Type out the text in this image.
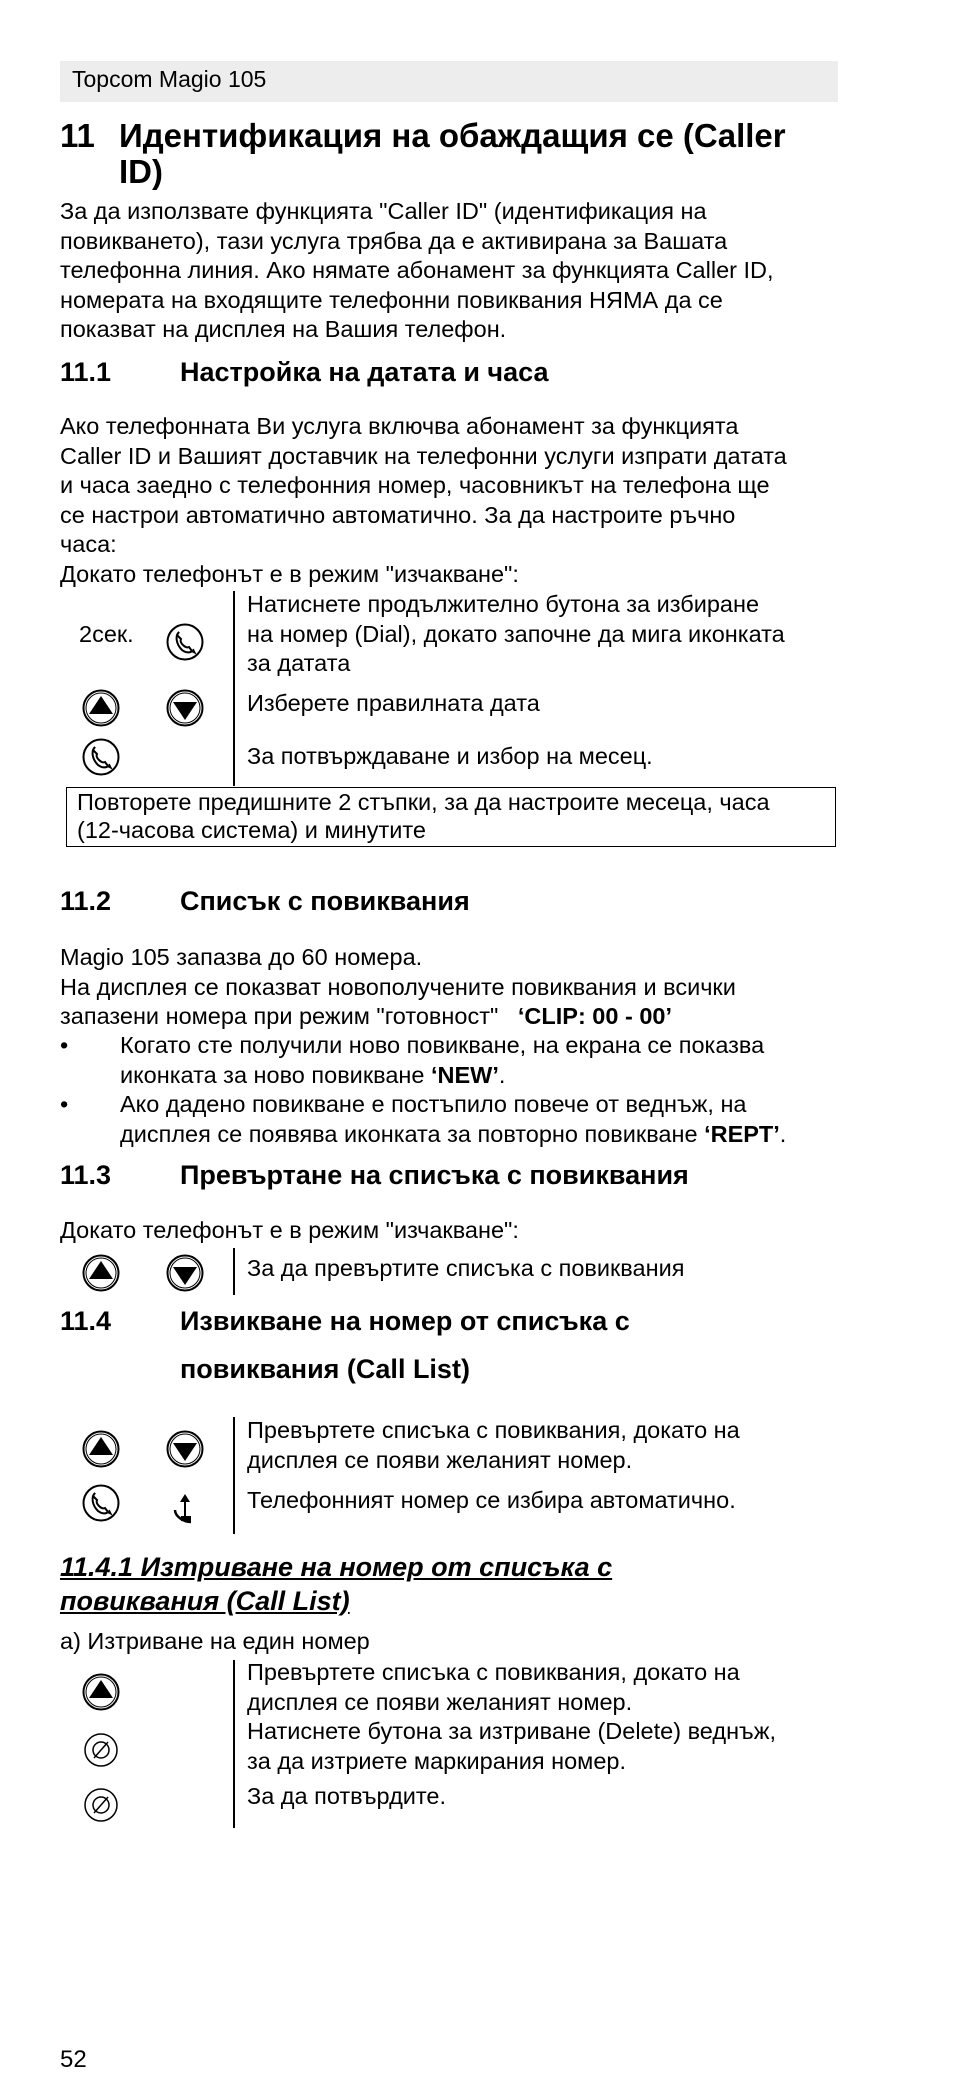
Topcom Magio 105
11 Идентификация на обаждащия се (Caller
ID)
За да използвате функцията "Caller ID" (идентификация на
повикването), тази услуга трябва да е активирана за Вашата
телефонна линия. Ако нямате абонамент за функцията Caller ID,
номерата на входящите телефонни повиквания НЯМА да се
показват на дисплея на Вашия телефон.
11.1	Настройка на датата и часа
Ако телефонната Ви услуга включва абонамент за функцията
Caller ID и Вашият доставчик на телефонни услуги изпрати датата
и часа заедно с телефонния номер, часовникът на телефона ще
се настрои автоматично автоматично. За да настроите ръчно
часа:
Докато телефонът е в режим "изчакване":
2сек.
Натиснете продължително бутона за избиране
на номер (Dial), докато започне да мига иконката
за датата
Изберете правилната дата
За потвърждаване и избор на месец.
Повторете предишните 2 стъпки, за да настроите месеца, часа
(12-часова система) и минутите
11.2	Списък с повиквания
Magio 105 запазва до 60 номера.
На дисплея се показват новополучените повиквания и всички
запазени номера при режим "готовност" ‘CLIP: 00 - 00’
• Когато сте получили ново повикване, на екрана се показва
иконката за ново повикване ‘NEW’.
• Ако дадено повикване е постъпило повече от веднъж, на
дисплея се появява иконката за повторно повикване ‘REPT’.
11.3	Превъртане на списъка с повиквания
Докато телефонът е в режим "изчакване":
За да превъртите списъка с повиквания
11.4	Извикване на номер от списъка с
повиквания (Call List)
Превъртете списъка с повиквания, докато на
дисплея се появи желаният номер.
Телефонният номер се избира автоматично.
11.4.1 Изтриване на номер от списъка с
повиквания (Call List)
a) Изтриване на един номер
Превъртете списъка с повиквания, докато на
дисплея се появи желаният номер.
Натиснете бутона за изтриване (Delete) веднъж,
за да изтриете маркирания номер.
За да потвърдите.
52
